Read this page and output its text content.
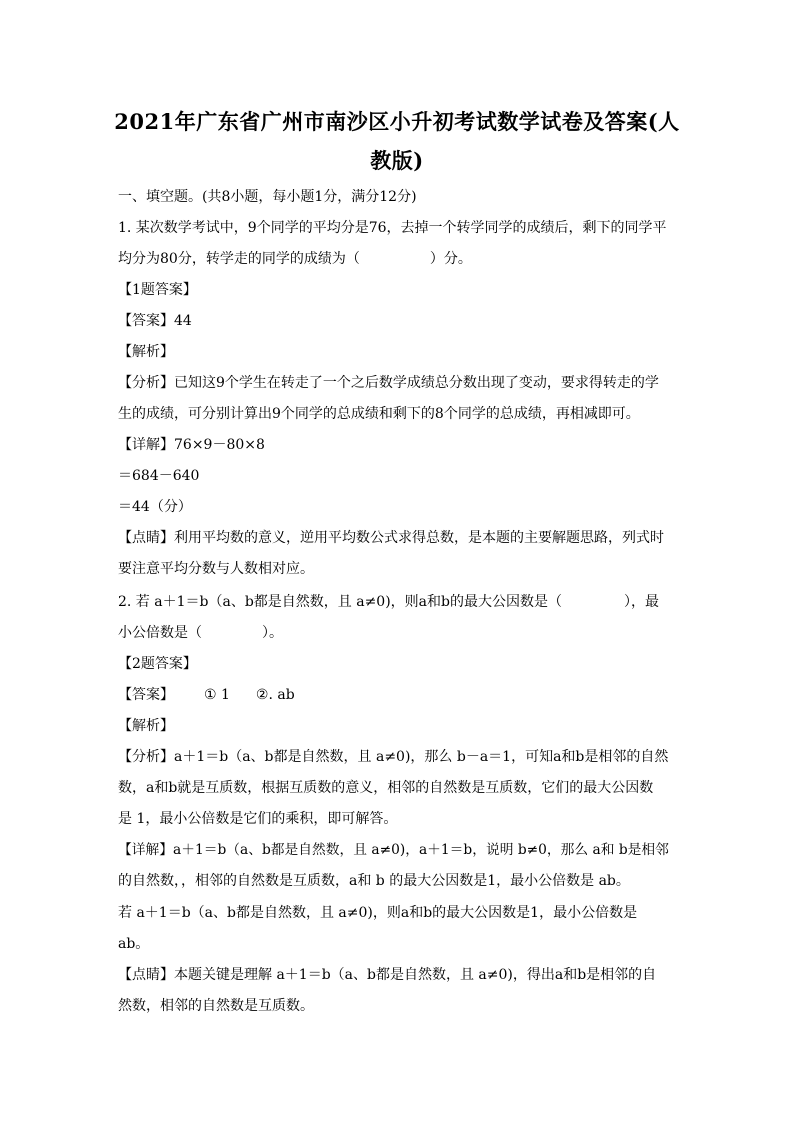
2021年广东省广州市南沙区小升初考试数学试卷及答案(人
教版)
一、填空题。(共8小题，每小题1分，满分12分)
1. 某次数学考试中，9个同学的平均分是76，去掉一个转学同学的成绩后，剩下的同学平
均分为80分，转学走的同学的成绩为（	）分。
【1题答案】
【答案】44
【解析】
【分析】已知这9个学生在转走了一个之后数学成绩总分数出现了变动，要求得转走的学
生的成绩，可分别计算出9个同学的总成绩和剩下的8个同学的总成绩，再相减即可。
【详解】76×9－80×8
＝684－640
＝44（分）
【点睛】利用平均数的意义，逆用平均数公式求得总数，是本题的主要解题思路，列式时
要注意平均分数与人数相对应。
2. 若 a＋1＝b（a、b都是自然数，且 a≠0)，则a和b的最大公因数是（	），最
小公倍数是（	）。
【2题答案】
【答案】 ① 1 ②. ab
【解析】
【分析】a＋1＝b（a、b都是自然数，且 a≠0)，那么 b－a＝1，可知a和b是相邻的自然
数，a和b就是互质数，根据互质数的意义，相邻的自然数是互质数，它们的最大公因数
是 1，最小公倍数是它们的乘积，即可解答。
【详解】a＋1＝b（a、b都是自然数，且 a≠0)，a＋1＝b，说明 b≠0，那么 a和 b是相邻
的自然数，，相邻的自然数是互质数，a和 b 的最大公因数是1，最小公倍数是 ab。
若 a＋1＝b（a、b都是自然数，且 a≠0)，则a和b的最大公因数是1，最小公倍数是
ab。
【点睛】本题关键是理解 a＋1＝b（a、b都是自然数，且 a≠0)，得出a和b是相邻的自
然数，相邻的自然数是互质数。
